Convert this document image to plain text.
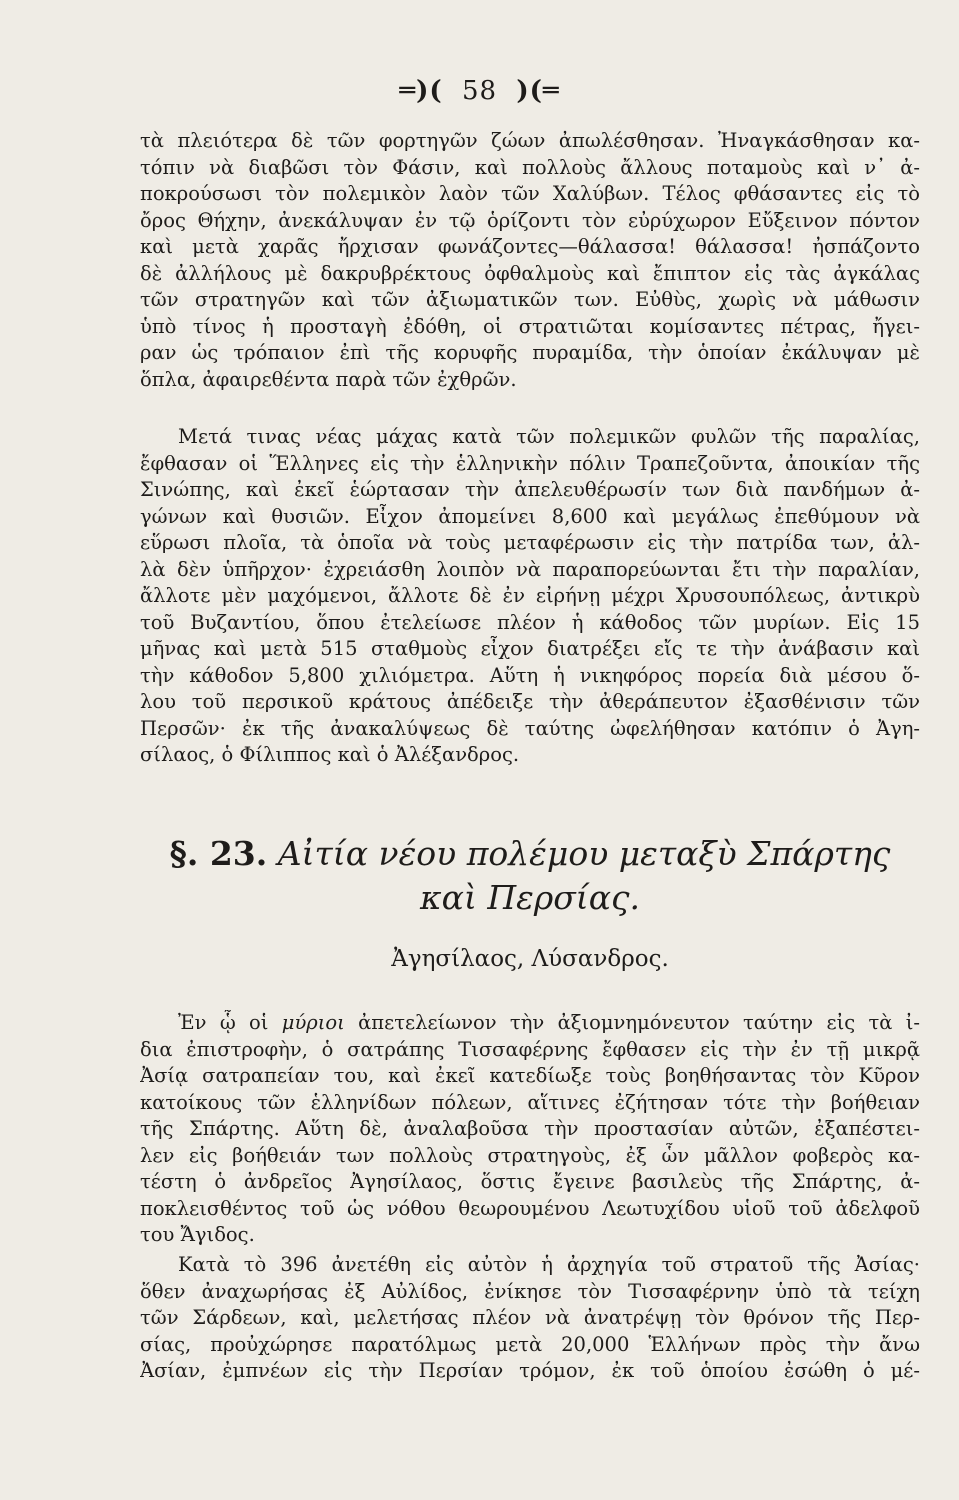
═)( 58 )(═
τὰ πλειότερα δὲ τῶν φορτηγῶν ζώων ἀπωλέσθησαν. Ἠναγκάσθησαν κα-
τόπιν νὰ διαβῶσι τὸν Φάσιν, καὶ πολλοὺς ἄλλους ποταμοὺς καὶ ν᾽ ἀ-
ποκρούσωσι τὸν πολεμικὸν λαὸν τῶν Χαλύβων. Τέλος φθάσαντες εἰς τὸ
ὄρος Θήχην, ἀνεκάλυψαν ἐν τῷ ὁρίζοντι τὸν εὐρύχωρον Εὔξεινον πόντον
καὶ μετὰ χαρᾶς ἤρχισαν φωνάζοντες—θάλασσα! θάλασσα! ἠσπάζοντο
δὲ ἀλλήλους μὲ δακρυβρέκτους ὀφθαλμοὺς καὶ ἔπιπτον εἰς τὰς ἀγκάλας
τῶν στρατηγῶν καὶ τῶν ἀξιωματικῶν των. Εὐθὺς, χωρὶς νὰ μάθωσιν
ὑπὸ τίνος ἡ προσταγὴ ἐδόθη, οἱ στρατιῶται κομίσαντες πέτρας, ἤγει-
ραν ὡς τρόπαιον ἐπὶ τῆς κορυφῆς πυραμίδα, τὴν ὁποίαν ἐκάλυψαν μὲ
ὅπλα, ἀφαιρεθέντα παρὰ τῶν ἐχθρῶν.
Μετά τινας νέας μάχας κατὰ τῶν πολεμικῶν φυλῶν τῆς παραλίας,
ἔφθασαν οἱ Ἕλληνες εἰς τὴν ἑλληνικὴν πόλιν Τραπεζοῦντα, ἀποικίαν τῆς
Σινώπης, καὶ ἐκεῖ ἑώρτασαν τὴν ἀπελευθέρωσίν των διὰ πανδήμων ἀ-
γώνων καὶ θυσιῶν. Εἶχον ἀπομείνει 8,600 καὶ μεγάλως ἐπεθύμουν νὰ
εὕρωσι πλοῖα, τὰ ὁποῖα νὰ τοὺς μεταφέρωσιν εἰς τὴν πατρίδα των, ἀλ-
λὰ δὲν ὑπῆρχον· ἐχρειάσθη λοιπὸν νὰ παραπορεύωνται ἔτι τὴν παραλίαν,
ἄλλοτε μὲν μαχόμενοι, ἄλλοτε δὲ ἐν εἰρήνῃ μέχρι Χρυσουπόλεως, ἀντικρὺ
τοῦ Βυζαντίου, ὅπου ἐτελείωσε πλέον ἡ κάθοδος τῶν μυρίων. Εἰς 15
μῆνας καὶ μετὰ 515 σταθμοὺς εἶχον διατρέξει εἴς τε τὴν ἀνάβασιν καὶ
τὴν κάθοδον 5,800 χιλιόμετρα. Αὕτη ἡ νικηφόρος πορεία διὰ μέσου ὅ-
λου τοῦ περσικοῦ κράτους ἀπέδειξε τὴν ἀθεράπευτον ἐξασθένισιν τῶν
Περσῶν· ἐκ τῆς ἀνακαλύψεως δὲ ταύτης ὠφελήθησαν κατόπιν ὁ Ἀγη-
σίλαος, ὁ Φίλιππος καὶ ὁ Ἀλέξανδρος.
§. 23. Αἰτία νέου πολέμου μεταξὺ Σπάρτης
καὶ Περσίας.
Ἀγησίλαος, Λύσανδρος.
Ἐν ᾧ οἱ μύριοι ἀπετελείωνον τὴν ἀξιομνημόνευτον ταύτην εἰς τὰ ἰ-
δια ἐπιστροφὴν, ὁ σατράπης Τισσαφέρνης ἔφθασεν εἰς τὴν ἐν τῇ μικρᾷ
Ἀσίᾳ σατραπείαν του, καὶ ἐκεῖ κατεδίωξε τοὺς βοηθήσαντας τὸν Κῦρον
κατοίκους τῶν ἑλληνίδων πόλεων, αἵτινες ἐζήτησαν τότε τὴν βοήθειαν
τῆς Σπάρτης. Αὕτη δὲ, ἀναλαβοῦσα τὴν προστασίαν αὐτῶν, ἐξαπέστει-
λεν εἰς βοήθειάν των πολλοὺς στρατηγοὺς, ἐξ ὧν μᾶλλον φοβερὸς κα-
τέστη ὁ ἀνδρεῖος Ἀγησίλαος, ὅστις ἔγεινε βασιλεὺς τῆς Σπάρτης, ἀ-
ποκλεισθέντος τοῦ ὡς νόθου θεωρουμένου Λεωτυχίδου υἱοῦ τοῦ ἀδελφοῦ
του Ἄγιδος.
Κατὰ τὸ 396 ἀνετέθη εἰς αὐτὸν ἡ ἀρχηγία τοῦ στρατοῦ τῆς Ἀσίας·
ὅθεν ἀναχωρήσας ἐξ Αὐλίδος, ἐνίκησε τὸν Τισσαφέρνην ὑπὸ τὰ τείχη
τῶν Σάρδεων, καὶ, μελετήσας πλέον νὰ ἀνατρέψῃ τὸν θρόνον τῆς Περ-
σίας, προὐχώρησε παρατόλμως μετὰ 20,000 Ἑλλήνων πρὸς τὴν ἄνω
Ἀσίαν, ἐμπνέων εἰς τὴν Περσίαν τρόμον, ἐκ τοῦ ὁποίου ἐσώθη ὁ μέ-
